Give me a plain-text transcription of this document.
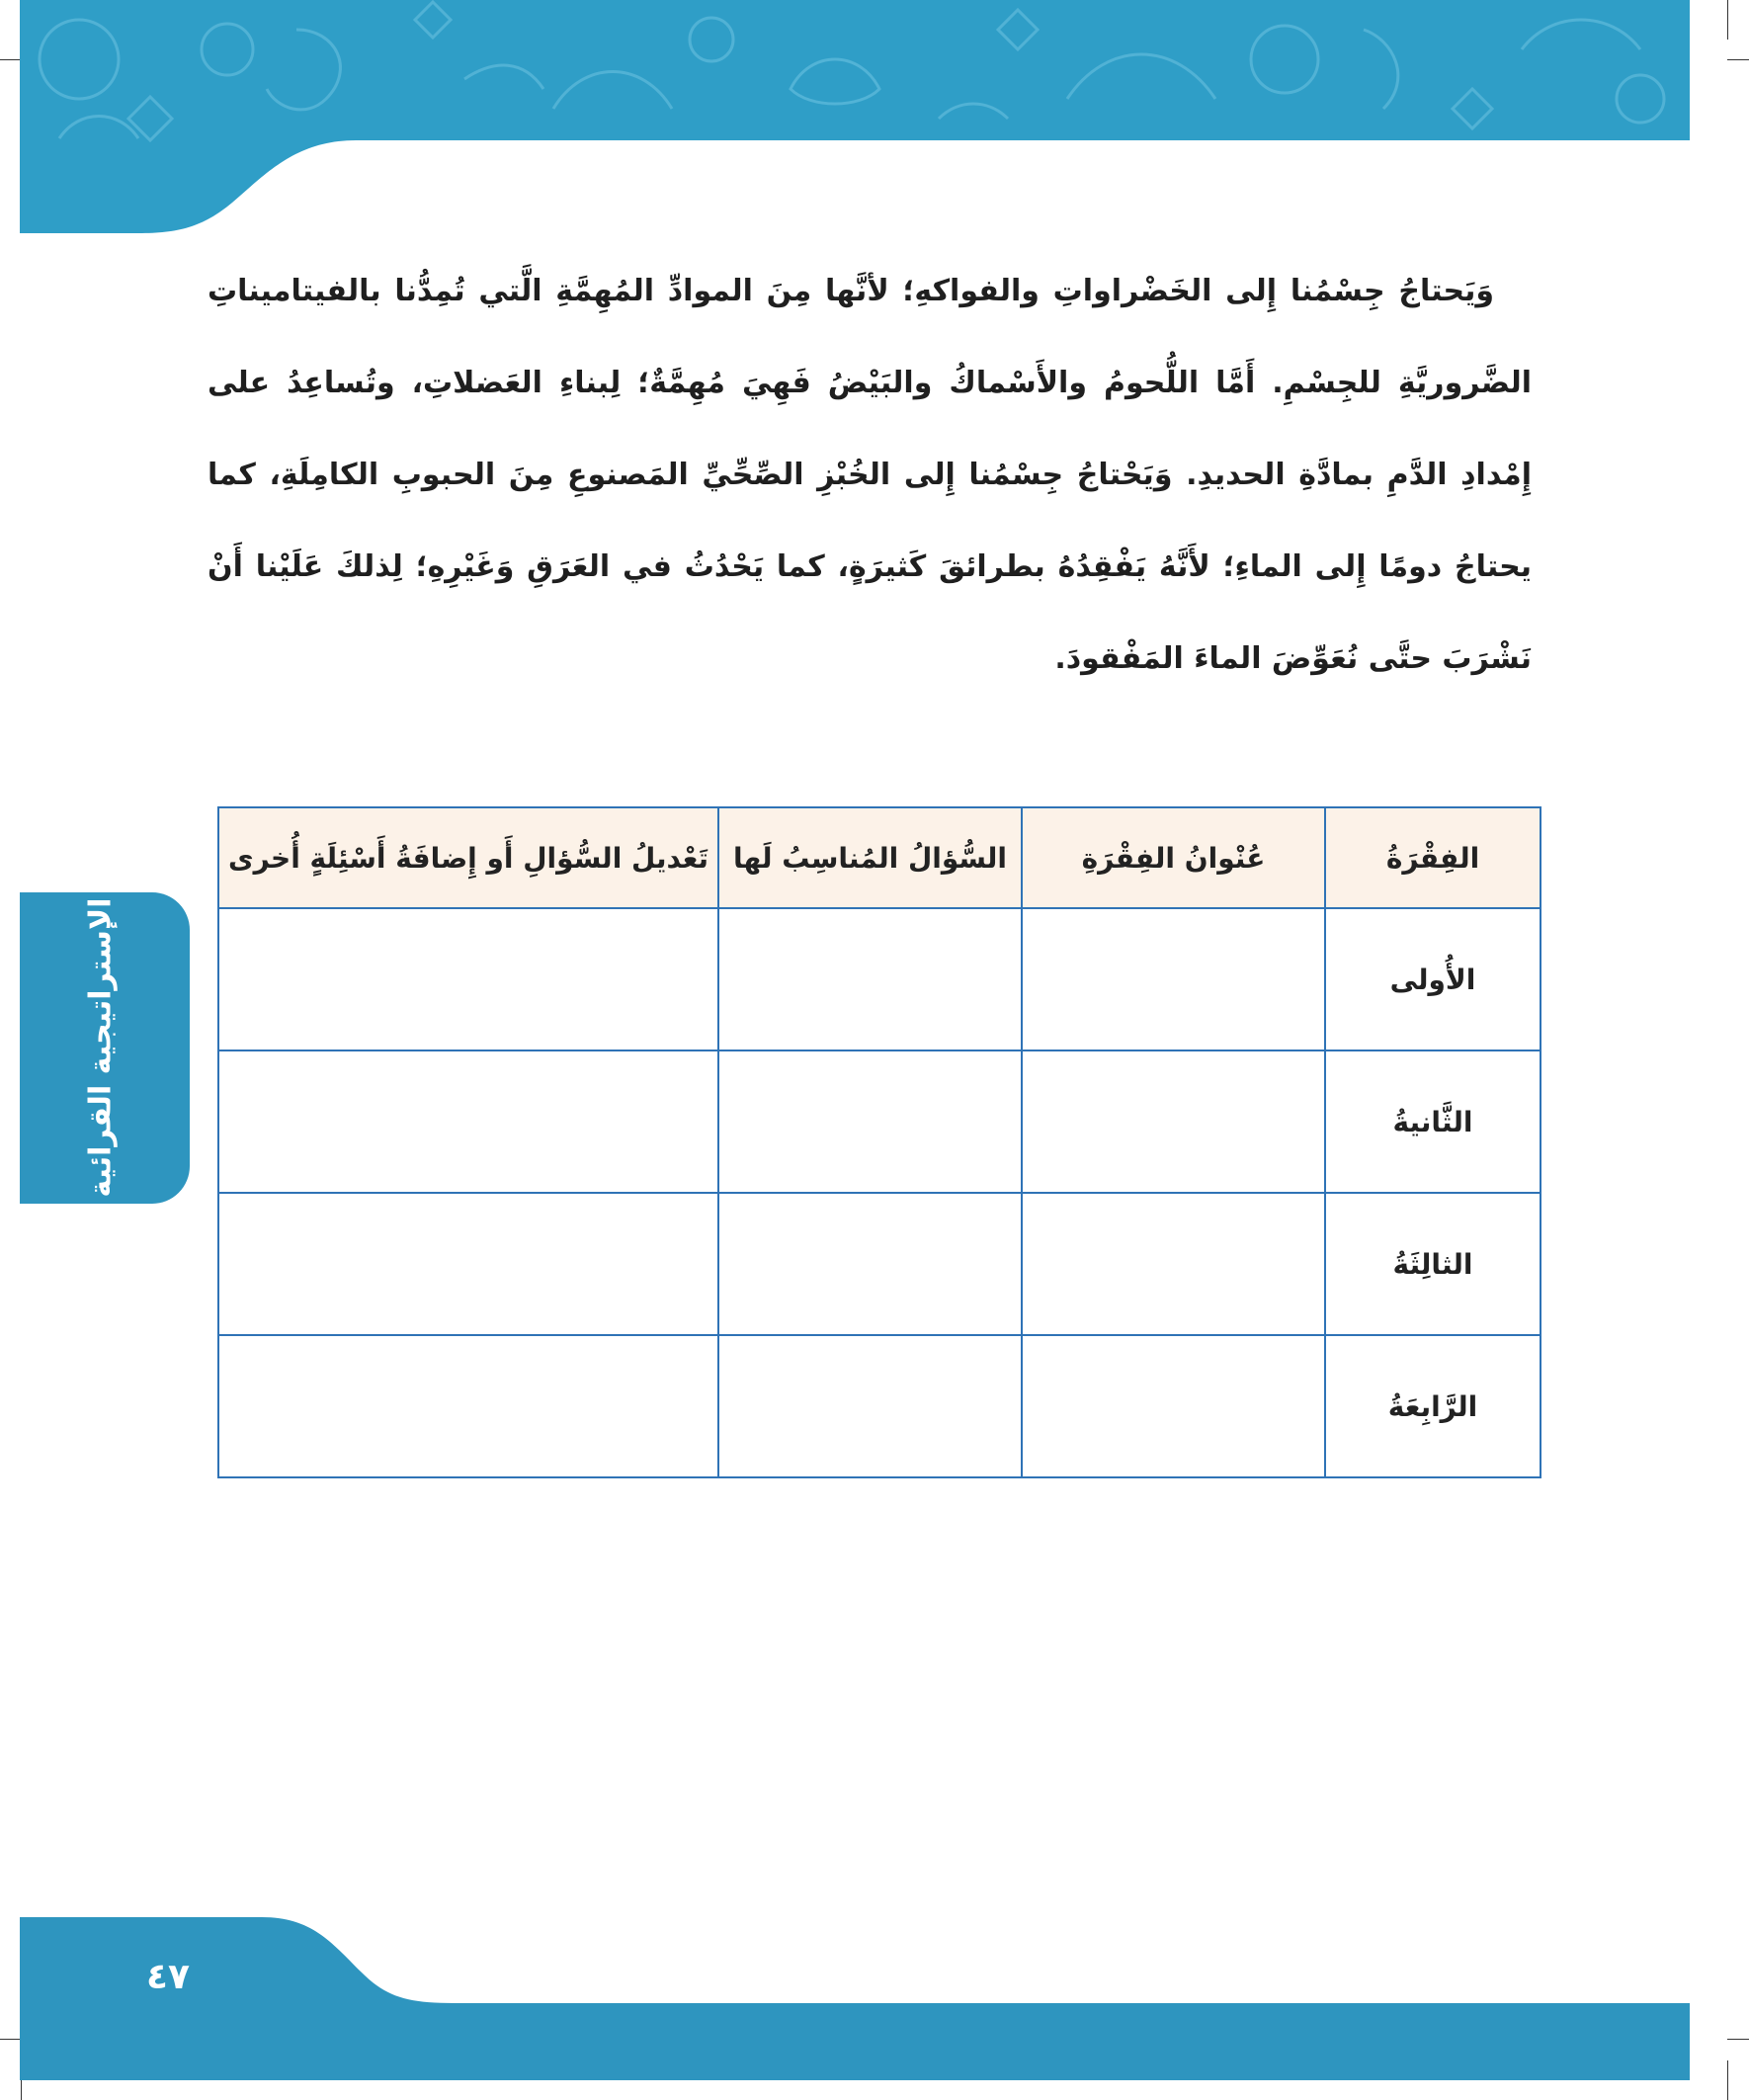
وَيَحتاجُ جِسْمُنا إِلى الخَضْراواتِ والفواكهِ؛ لأنَّها مِنَ الموادِّ المُهِمَّةِ الَّتي تُمِدُّنا بالفيتاميناتِ الضَّروريَّةِ للجِسْمِ. أَمَّا اللُّحومُ والأَسْماكُ والبَيْضُ فَهِيَ مُهِمَّةٌ؛ لِبناءِ العَضلاتِ، وتُساعِدُ على إِمْدادِ الدَّمِ بمادَّةِ الحديدِ. وَيَحْتاجُ جِسْمُنا إِلى الخُبْزِ الصِّحِّيِّ المَصنوعِ مِنَ الحبوبِ الكامِلَةِ، كما يحتاجُ دومًا إِلى الماءِ؛ لأَنَّهُ يَفْقِدُهُ بطرائقَ كَثيرَةٍ، كما يَحْدُثُ في العَرَقِ وَغَيْرِهِ؛ لِذلكَ عَلَيْنا أَنْ نَشْرَبَ حتَّى نُعَوِّضَ الماءَ المَفْقودَ.
الفِقْرَةُ	عُنْوانُ الفِقْرَةِ	السُّؤالُ المُناسِبُ لَها	تَعْديلُ السُّؤالِ أَو إِضافَةُ أَسْئِلَةٍ أُخرى
الأُولى			
الثَّانيةُ			
الثالِثَةُ			
الرَّابِعَةُ			
الإستراتيجية القرائية
٤٧
